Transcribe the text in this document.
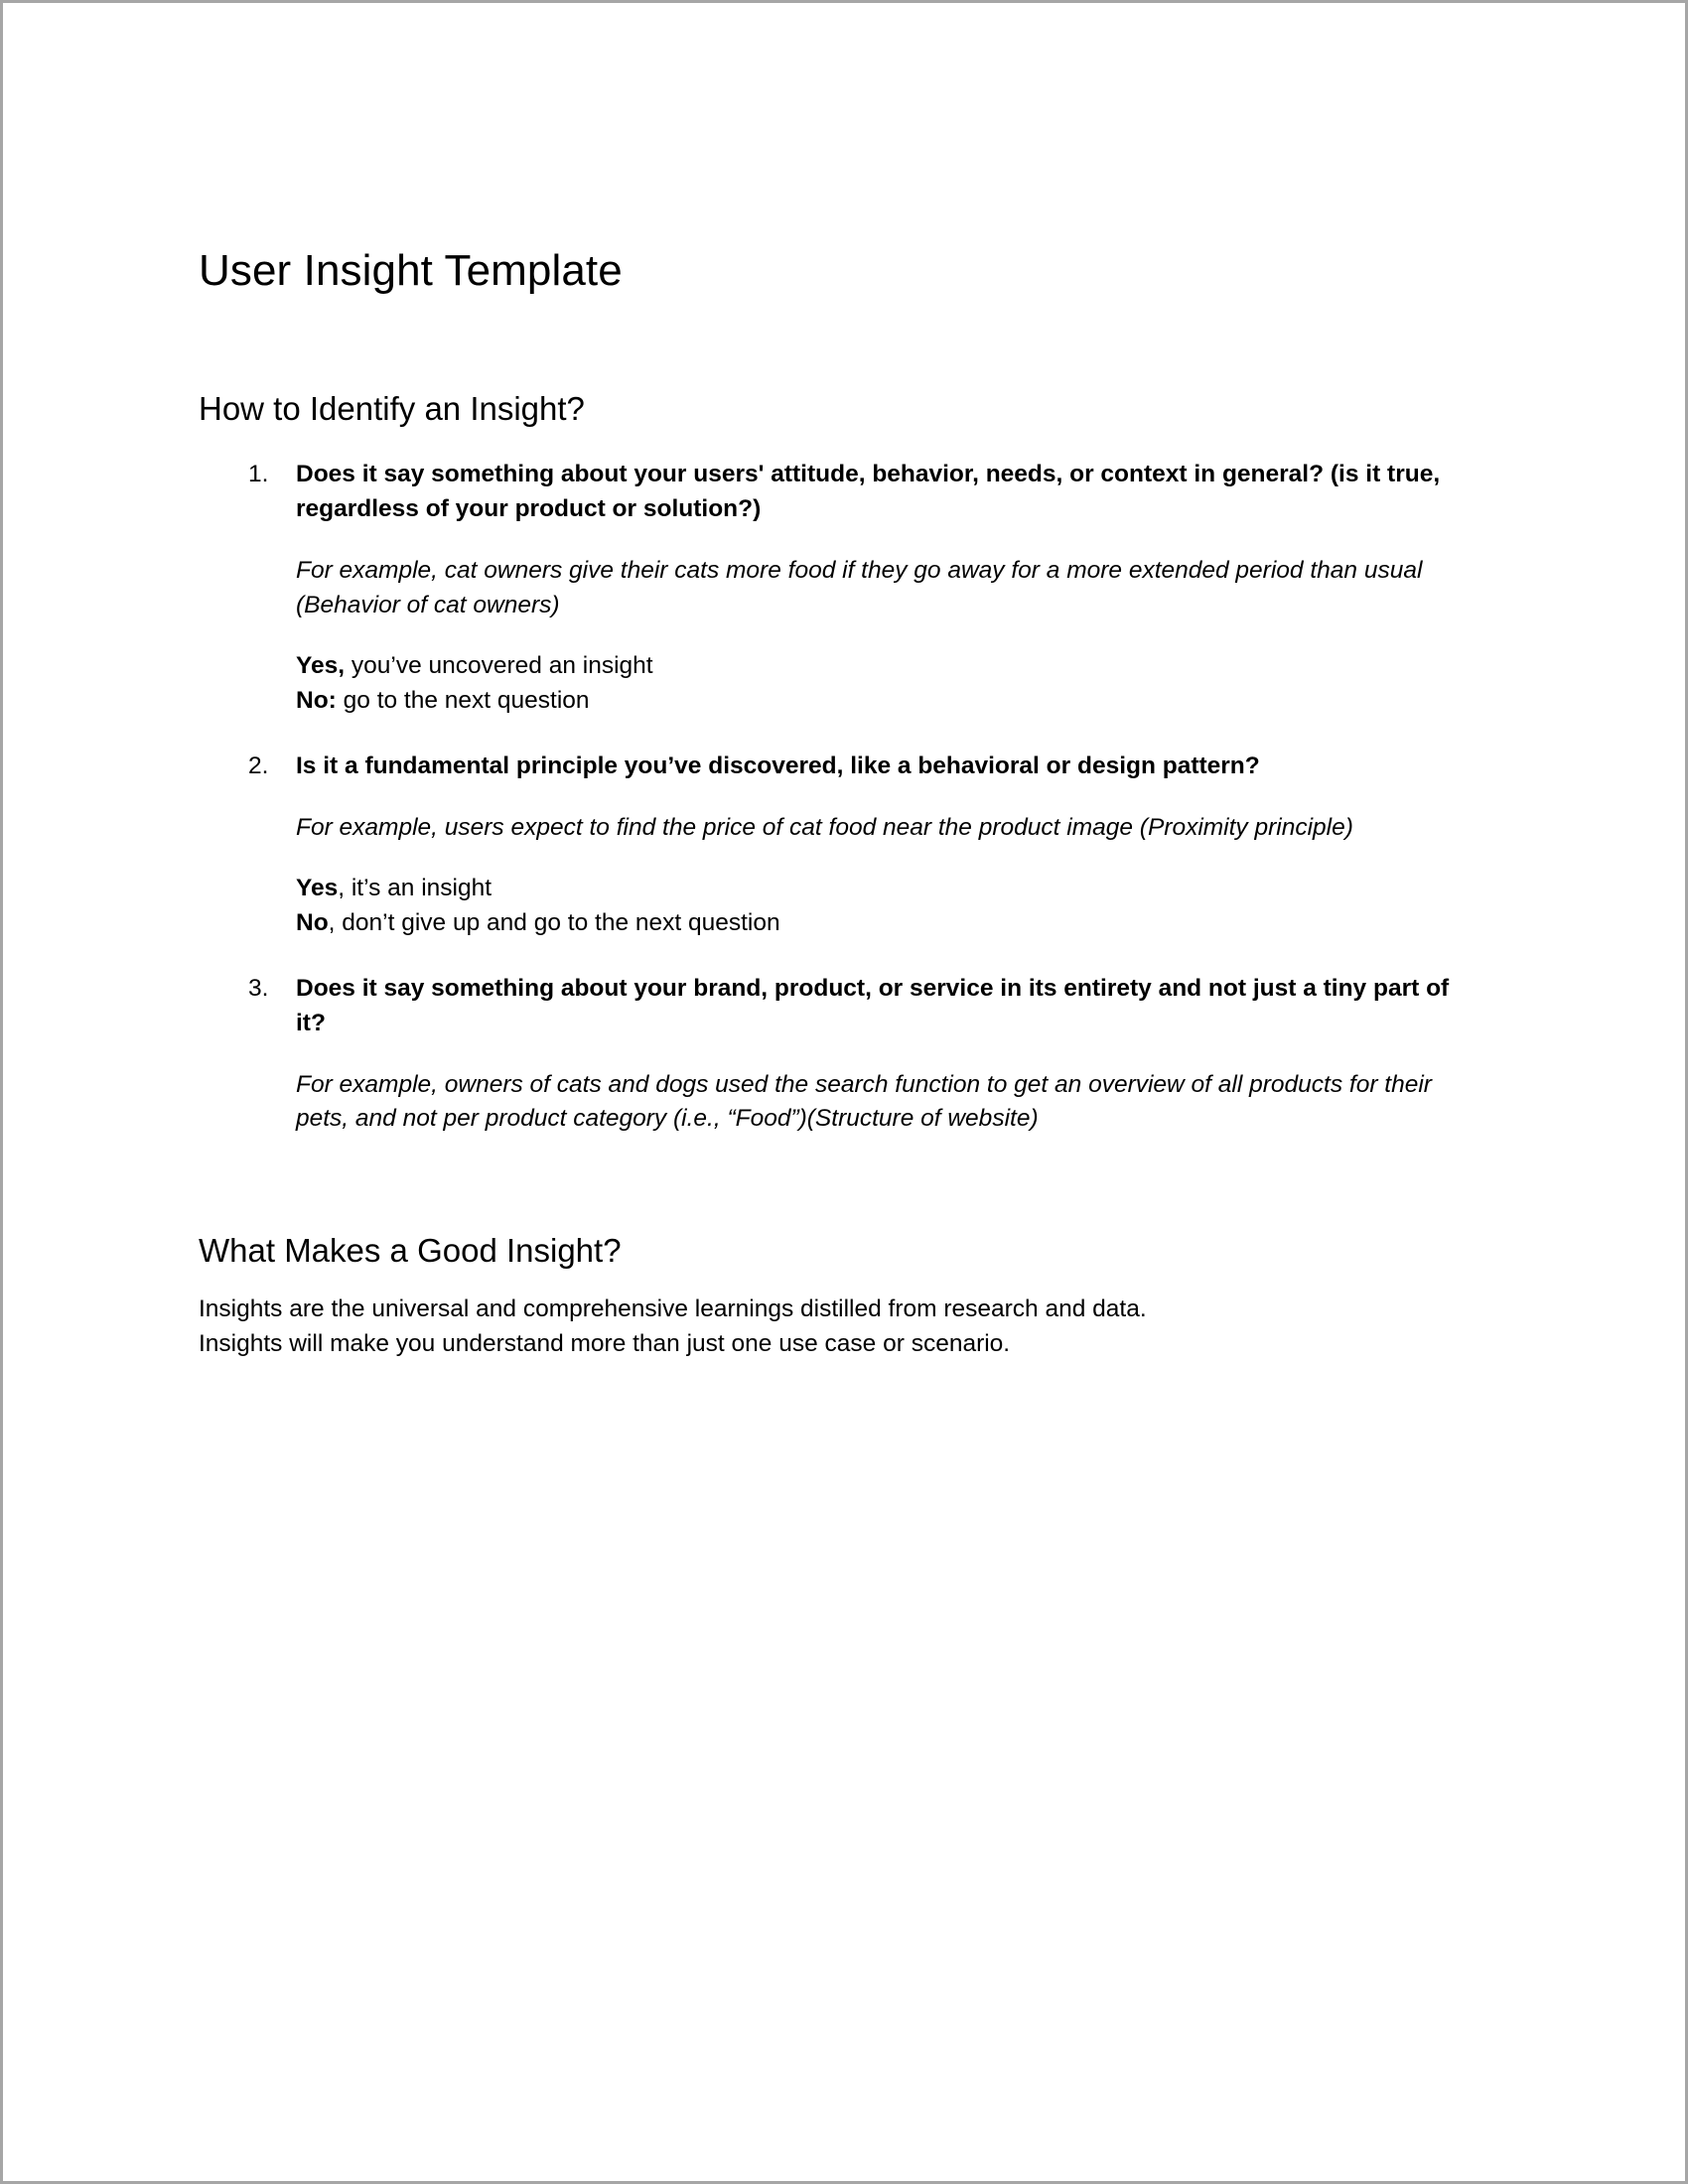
User Insight Template
How to Identify an Insight?
1. Does it say something about your users' attitude, behavior, needs, or context in general? (is it true, regardless of your product or solution?)

For example, cat owners give their cats more food if they go away for a more extended period than usual (Behavior of cat owners)

Yes, you’ve uncovered an insight

No: go to the next question

2. Is it a fundamental principle you’ve discovered, like a behavioral or design pattern?

For example, users expect to find the price of cat food near the product image (Proximity principle)

Yes, it’s an insight

No, don’t give up and go to the next question

3. Does it say something about your brand, product, or service in its entirety and not just a tiny part of it?

For example, owners of cats and dogs used the search function to get an overview of all products for their pets, and not per product category (i.e., “Food”)(Structure of website)

What Makes a Good Insight?

Insights are the universal and comprehensive learnings distilled from research and data.

Insights will make you understand more than just one use case or scenario.
